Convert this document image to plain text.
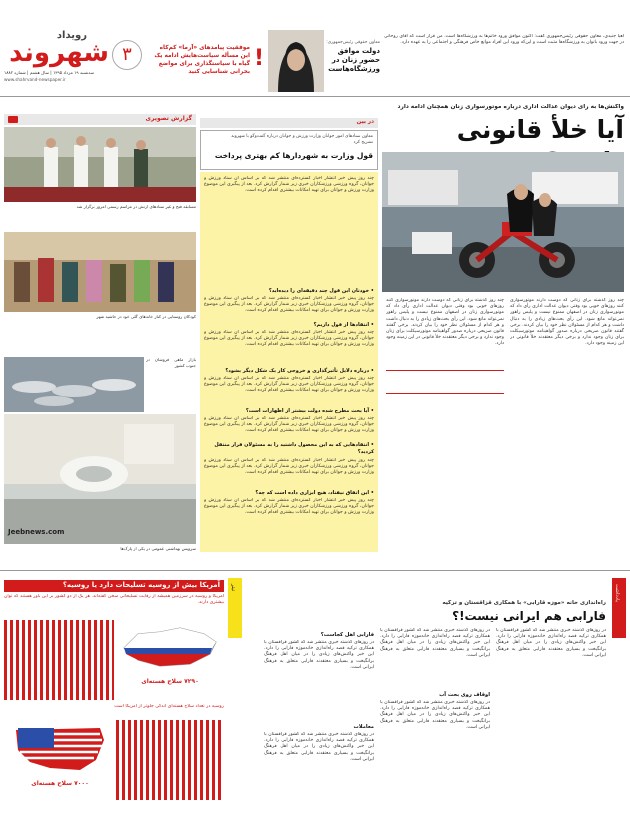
رویداد
شهروند
سه‌شنبه ۱۹ مرداد ۱۳۹۵ | سال هشتم | شماره ۱۸۸۲
www.shahrvand-newspaper.ir
۳	!
موفقیت پیامدهای «آرما» کم‌کاه این مسأله سیاست‌هایش ادامه‌ یک گیاه با سیاستگذاری برای مواضع بحرانی شناسایی کنید
معاون حقوقی رئیس‌جمهوری:
دولت موافق حضور زنان در ورزشگاه‌هاست
لعیا جنیدی، معاون حقوقی رئیس‌جمهوری گفت: اکنون موافق ورود خانم‌ها به ورزشگاه‌ها است. من قرار است که آقای روحانی در جهت ورود بانوان به ورزشگاه‌ها مثبت است و این‌که ورود این افراد موانع خاص فرهنگی و اجتماعی را به عهده دارد.
واکنش‌ها به رأی دیوان عدالت اداری درباره موتورسواری زنان همچنان ادامه دارد
آیا خلأ قانونی
چند روز گذشته برای زنانی که دوست دارند موتورسواری کنند روزهای خوبی بود وقتی دیوان عدالت اداری رأی داد که موتورسواری زنان در اصفهان ممنوع نیست و پلیس راهور نمی‌تواند مانع شود. این رأی بحث‌های زیادی را به دنبال داشت و هر کدام از مسئولان نظر خود را بیان کردند. برخی گفتند قانون صریحی درباره صدور گواهینامه موتورسیکلت برای زنان وجود ندارد و برخی دیگر معتقدند خلأ قانونی در این زمینه وجود دارد.
چند روز گذشته برای زنانی که دوست دارند موتورسواری کنند روزهای خوبی بود وقتی دیوان عدالت اداری رأی داد که موتورسواری زنان در اصفهان ممنوع نیست و پلیس راهور نمی‌تواند مانع شود. این رأی بحث‌های زیادی را به دنبال داشت و هر کدام از مسئولان نظر خود را بیان کردند. برخی گفتند قانون صریحی درباره صدور گواهینامه موتورسیکلت برای زنان وجود ندارد و برخی دیگر معتقدند خلأ قانونی در این زمینه وجود دارد.
در بین
معاون ستادهای امور جوانان وزارت ورزش و جوانان درباره گفت‌وگو با شهروند تشریح کرد
قول وزارت به شهردارها کم بهتری پرداخت
چند روز پیش خبر انتشار اخبار گسترده‌ای منتشر شد که بر اساس آن ستاد ورزش و جوانان، گروه ورزشی ورزشکاران خبری زیر شمار گزارش کرد. بعد از پیگیری این موضوع وزارت ورزش و جوانان برای تهیه امکانات بیشتری اقدام کرده است.
• خودتان این قول چند دقیقه‌ای را دیده‌اید؟
چند روز پیش خبر انتشار اخبار گسترده‌ای منتشر شد که بر اساس آن ستاد ورزش و جوانان، گروه ورزشی ورزشکاران خبری زیر شمار گزارش کرد. بعد از پیگیری این موضوع وزارت ورزش و جوانان برای تهیه امکانات بیشتری اقدام کرده است.
• انتقادها از قول داریم؟
چند روز پیش خبر انتشار اخبار گسترده‌ای منتشر شد که بر اساس آن ستاد ورزش و جوانان، گروه ورزشی ورزشکاران خبری زیر شمار گزارش کرد. بعد از پیگیری این موضوع وزارت ورزش و جوانان برای تهیه امکانات بیشتری اقدام کرده است.
• درباره دلایل تأثیرگذاری و خروجی کار یک شکل دیگر بشود؟
چند روز پیش خبر انتشار اخبار گسترده‌ای منتشر شد که بر اساس آن ستاد ورزش و جوانان، گروه ورزشی ورزشکاران خبری زیر شمار گزارش کرد. بعد از پیگیری این موضوع وزارت ورزش و جوانان برای تهیه امکانات بیشتری اقدام کرده است.
• آیا بحث مطرح شده دولت بیشتر از اظهارات است؟
چند روز پیش خبر انتشار اخبار گسترده‌ای منتشر شد که بر اساس آن ستاد ورزش و جوانان، گروه ورزشی ورزشکاران خبری زیر شمار گزارش کرد. بعد از پیگیری این موضوع وزارت ورزش و جوانان برای تهیه امکانات بیشتری اقدام کرده است.
• انتقادهایی که به این محصول داشتید را به مسئولان قرار منتقل کردید؟
چند روز پیش خبر انتشار اخبار گسترده‌ای منتشر شد که بر اساس آن ستاد ورزش و جوانان، گروه ورزشی ورزشکاران خبری زیر شمار گزارش کرد. بعد از پیگیری این موضوع وزارت ورزش و جوانان برای تهیه امکانات بیشتری اقدام کرده است.
• این اتفاق نیفتاد، هیچ ابزاری داده است که چه؟
چند روز پیش خبر انتشار اخبار گسترده‌ای منتشر شد که بر اساس آن ستاد ورزش و جوانان، گروه ورزشی ورزشکاران خبری زیر شمار گزارش کرد. بعد از پیگیری این موضوع وزارت ورزش و جوانان برای تهیه امکانات بیشتری اقدام کرده است.
گزارش تصویری
مسابقه فتح و غیر ستادهای ارتش در مراسم رسمی امروز برگزار شد
کودکان روستایی در کنار خانه‌های گلی خود در حاشیه شهر
بازار ماهی فروشان در جنوب کشور
Jeebnews.com
سرویس بهداشتی عمومی در یکی از پارک‌ها
تیتر
آمریکا بیش از روسیه تسلیحات دارد یا روسیه؟
آمریکا و روسیه در سرزمین همیشه از رقابت تسلیحاتی سخن گفته‌اند. هر یک از دو کشور بر این باور هستند که توان بیشتری دارند.
۷۲۹۰ سلاح هسته‌ای
روسیه در تعداد سلاح هسته‌ای اندکی جلوتر از آمریکا است
۷۰۰۰ سلاح هسته‌ای
یادداشت
راه‌اندازی خانه «موزه قارابی» با همکاری قزاقستان و ترکیه
فارابی هم ایرانی نیست!؟
در روزهای گذشته خبری منتشر شد که کشور قزاقستان با همکاری ترکیه قصد راه‌اندازی خانه‌موزه فارابی را دارد. این خبر واکنش‌های زیادی را در میان اهل فرهنگ برانگیخت و بسیاری معتقدند فارابی متعلق به فرهنگ ایرانی است.
در روزهای گذشته خبری منتشر شد که کشور قزاقستان با همکاری ترکیه قصد راه‌اندازی خانه‌موزه فارابی را دارد. این خبر واکنش‌های زیادی را در میان اهل فرهنگ برانگیخت و بسیاری معتقدند فارابی متعلق به فرهنگ ایرانی است.
اوقاف روی بحث آب
در روزهای گذشته خبری منتشر شد که کشور قزاقستان با همکاری ترکیه قصد راه‌اندازی خانه‌موزه فارابی را دارد. این خبر واکنش‌های زیادی را در میان اهل فرهنگ برانگیخت و بسیاری معتقدند فارابی متعلق به فرهنگ ایرانی است.
فارابی اهل کجاست؟
در روزهای گذشته خبری منتشر شد که کشور قزاقستان با همکاری ترکیه قصد راه‌اندازی خانه‌موزه فارابی را دارد. این خبر واکنش‌های زیادی را در میان اهل فرهنگ برانگیخت و بسیاری معتقدند فارابی متعلق به فرهنگ ایرانی است.
معاملات
در روزهای گذشته خبری منتشر شد که کشور قزاقستان با همکاری ترکیه قصد راه‌اندازی خانه‌موزه فارابی را دارد. این خبر واکنش‌های زیادی را در میان اهل فرهنگ برانگیخت و بسیاری معتقدند فارابی متعلق به فرهنگ ایرانی است.
